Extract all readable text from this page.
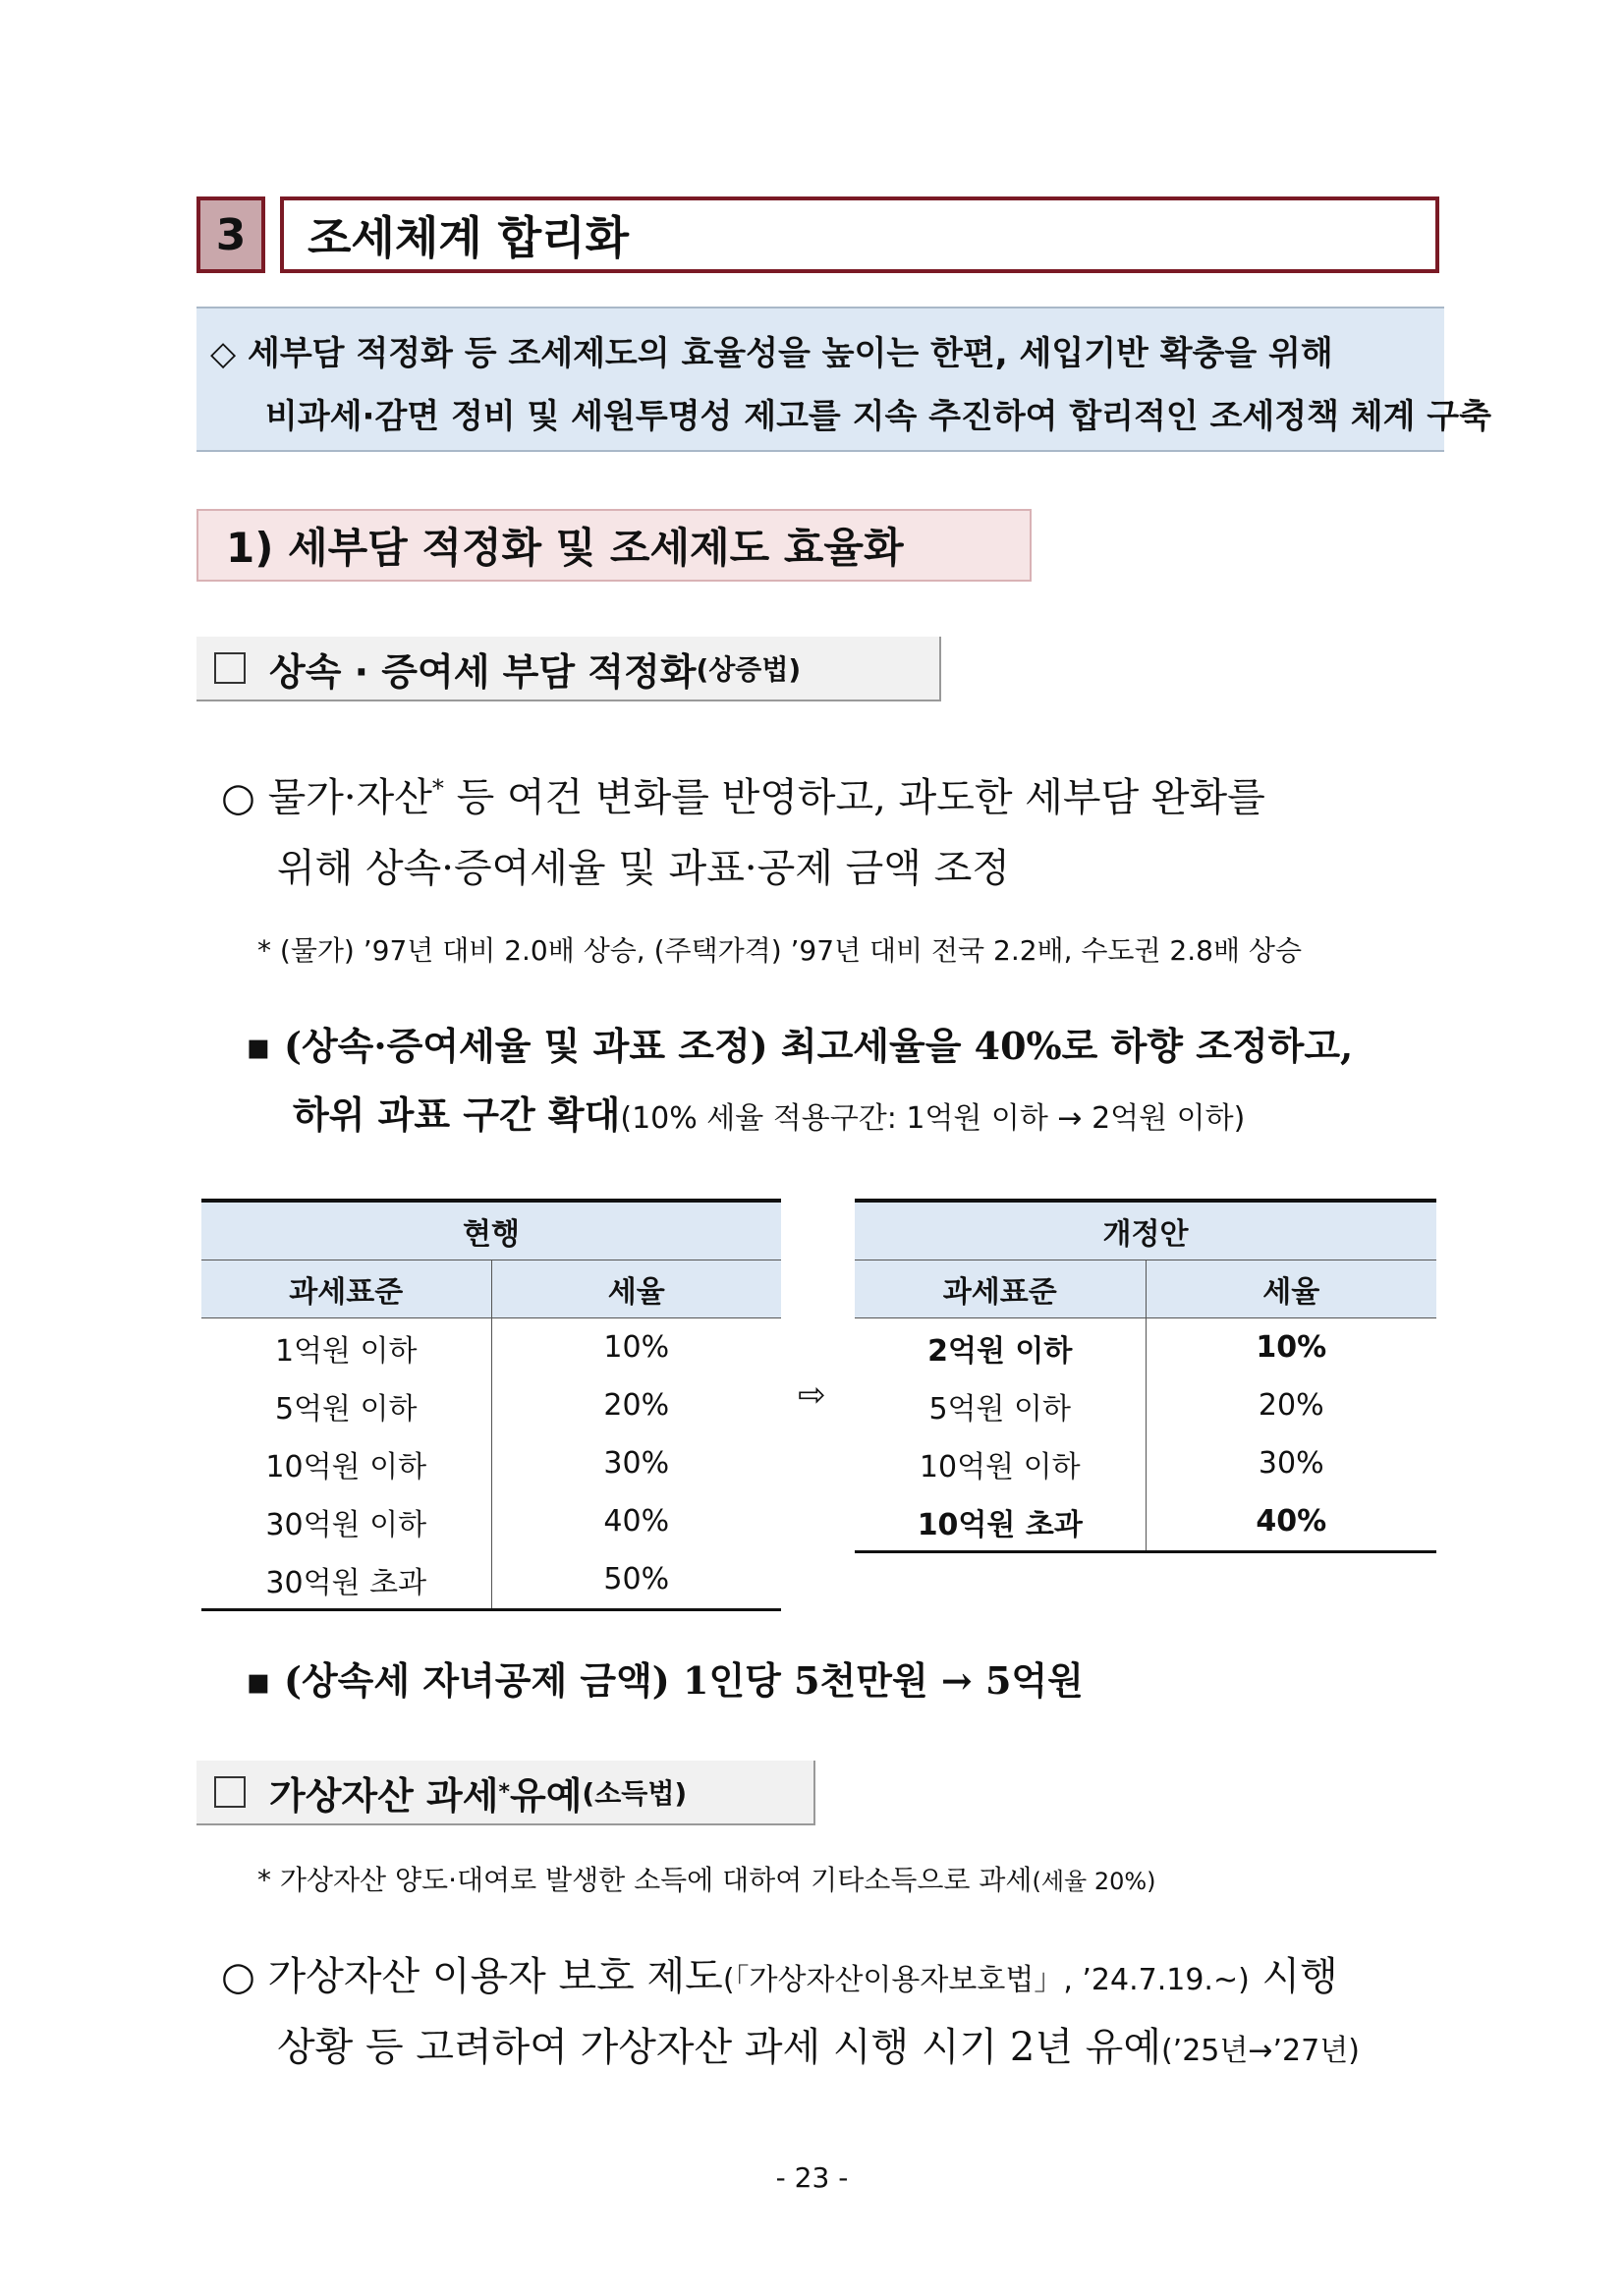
3	조세체계 합리화
◇ 세부담 적정화 등 조세제도의 효율성을 높이는 한편, 세입기반 확충을 위해
비과세·감면 정비 및 세원투명성 제고를 지속 추진하여 합리적인 조세정책 체계 구축
1) 세부담 적정화 및 조세제도 효율화
상속 · 증여세 부담 적정화 (상증법)
○ 물가·자산* 등 여건 변화를 반영하고, 과도한 세부담 완화를
위해 상속·증여세율 및 과표·공제 금액 조정
* (물가) ’97년 대비 2.0배 상승, (주택가격) ’97년 대비 전국 2.2배, 수도권 2.8배 상승
▪ (상속·증여세율 및 과표 조정) 최고세율을 40%로 하향 조정하고,
하위 과표 구간 확대(10% 세율 적용구간: 1억원 이하 → 2억원 이하)
현행	
과세표준	세율
1억원 이하	10%
5억원 이하	20%
10억원 이하	30%
30억원 이하	40%
30억원 초과	50%
⇨
개정안	
과세표준	세율
2억원 이하	10%
5억원 이하	20%
10억원 이하	30%
10억원 초과	40%
▪ (상속세 자녀공제 금액) 1인당 5천만원 → 5억원
가상자산 과세 * 유예 (소득법)
* 가상자산 양도·대여로 발생한 소득에 대하여 기타소득으로 과세(세율 20%)
○ 가상자산 이용자 보호 제도(「가상자산이용자보호법」, ’24.7.19.~) 시행
상황 등 고려하여 가상자산 과세 시행 시기 2년 유예(’25년→’27년)
- 23 -
